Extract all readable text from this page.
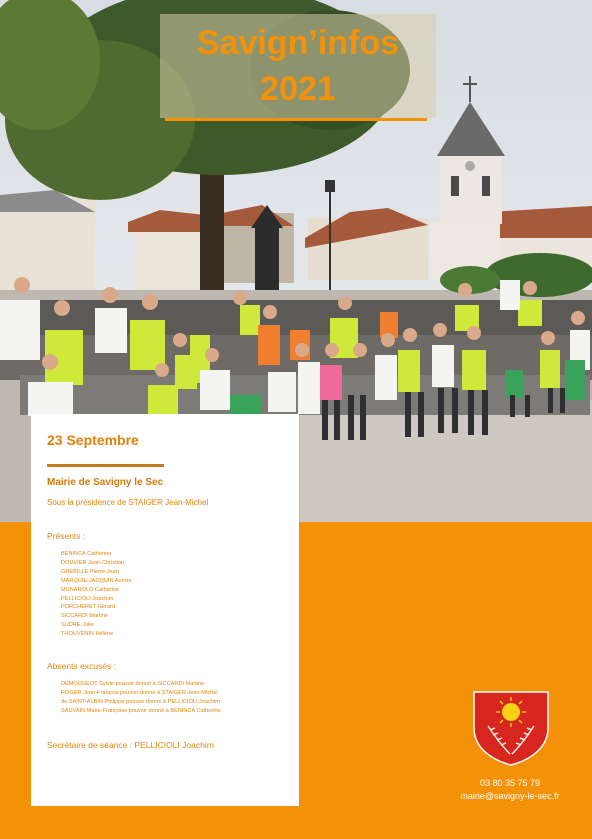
Savign’infos
2021
23 Septembre
Mairie de Savigny le Sec
Sous la présidence de STAIGER Jean-Michel
Présents :
BENINCA Catherine
DOUVIER Jean-Christian
GREBILLE Pierre-Jean
MARQUIE-JACQUIN Aurore
MUNAROLO Catherine
PELLICIOLI Joachim
PORCHERET Gérard
SICCARDI Martine
SUDRE Julie
THOUVENIN Hélène
Absents excusés :
DEMOUGEOT Sylvie pouvoir donné à SICCARDI Martine
ROGER Jean-François pouvoir donné à STAIGER Jean-Michel
de SAINT-ALBIN Philippe pouvoir donné à PELLICIOLI Joachim
SAUVAIN Marie-Françoise pouvoir donné à BENINCA Catherine
Secrétaire de séance : PELLICIOLI Joachim
03 80 35 75 79
mairie@savigny-le-sec.fr
